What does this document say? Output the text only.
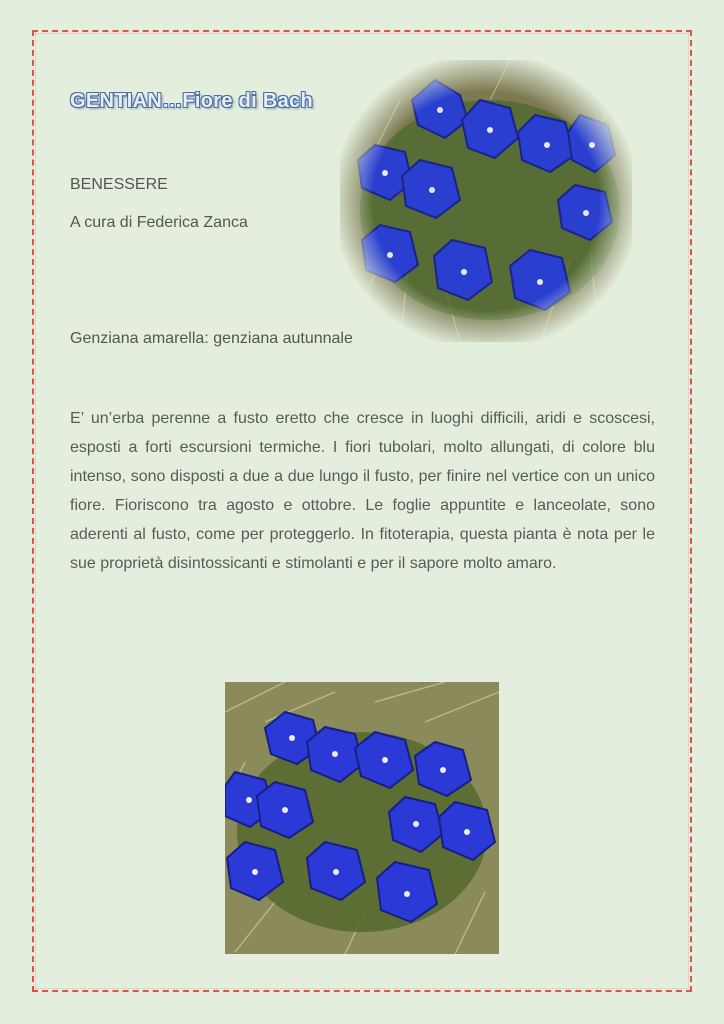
GENTIAN…Fiore di Bach

BENESSERE

A cura di Federica Zanca

Genziana amarella: genziana autunnale

E’ un’erba perenne a fusto eretto che cresce in luoghi difficili, aridi e scoscesi, esposti a forti escursioni termiche. I fiori tubolari, molto allungati, di colore blu intenso, sono disposti a due a due lungo il fusto, per finire nel vertice con un unico fiore. Fioriscono tra agosto e ottobre. Le foglie appuntite e lanceolate, sono aderenti al fusto, come per proteggerlo. In fitoterapia, questa pianta è nota per le sue proprietà disintossicanti e stimolanti e per il sapore molto amaro.
